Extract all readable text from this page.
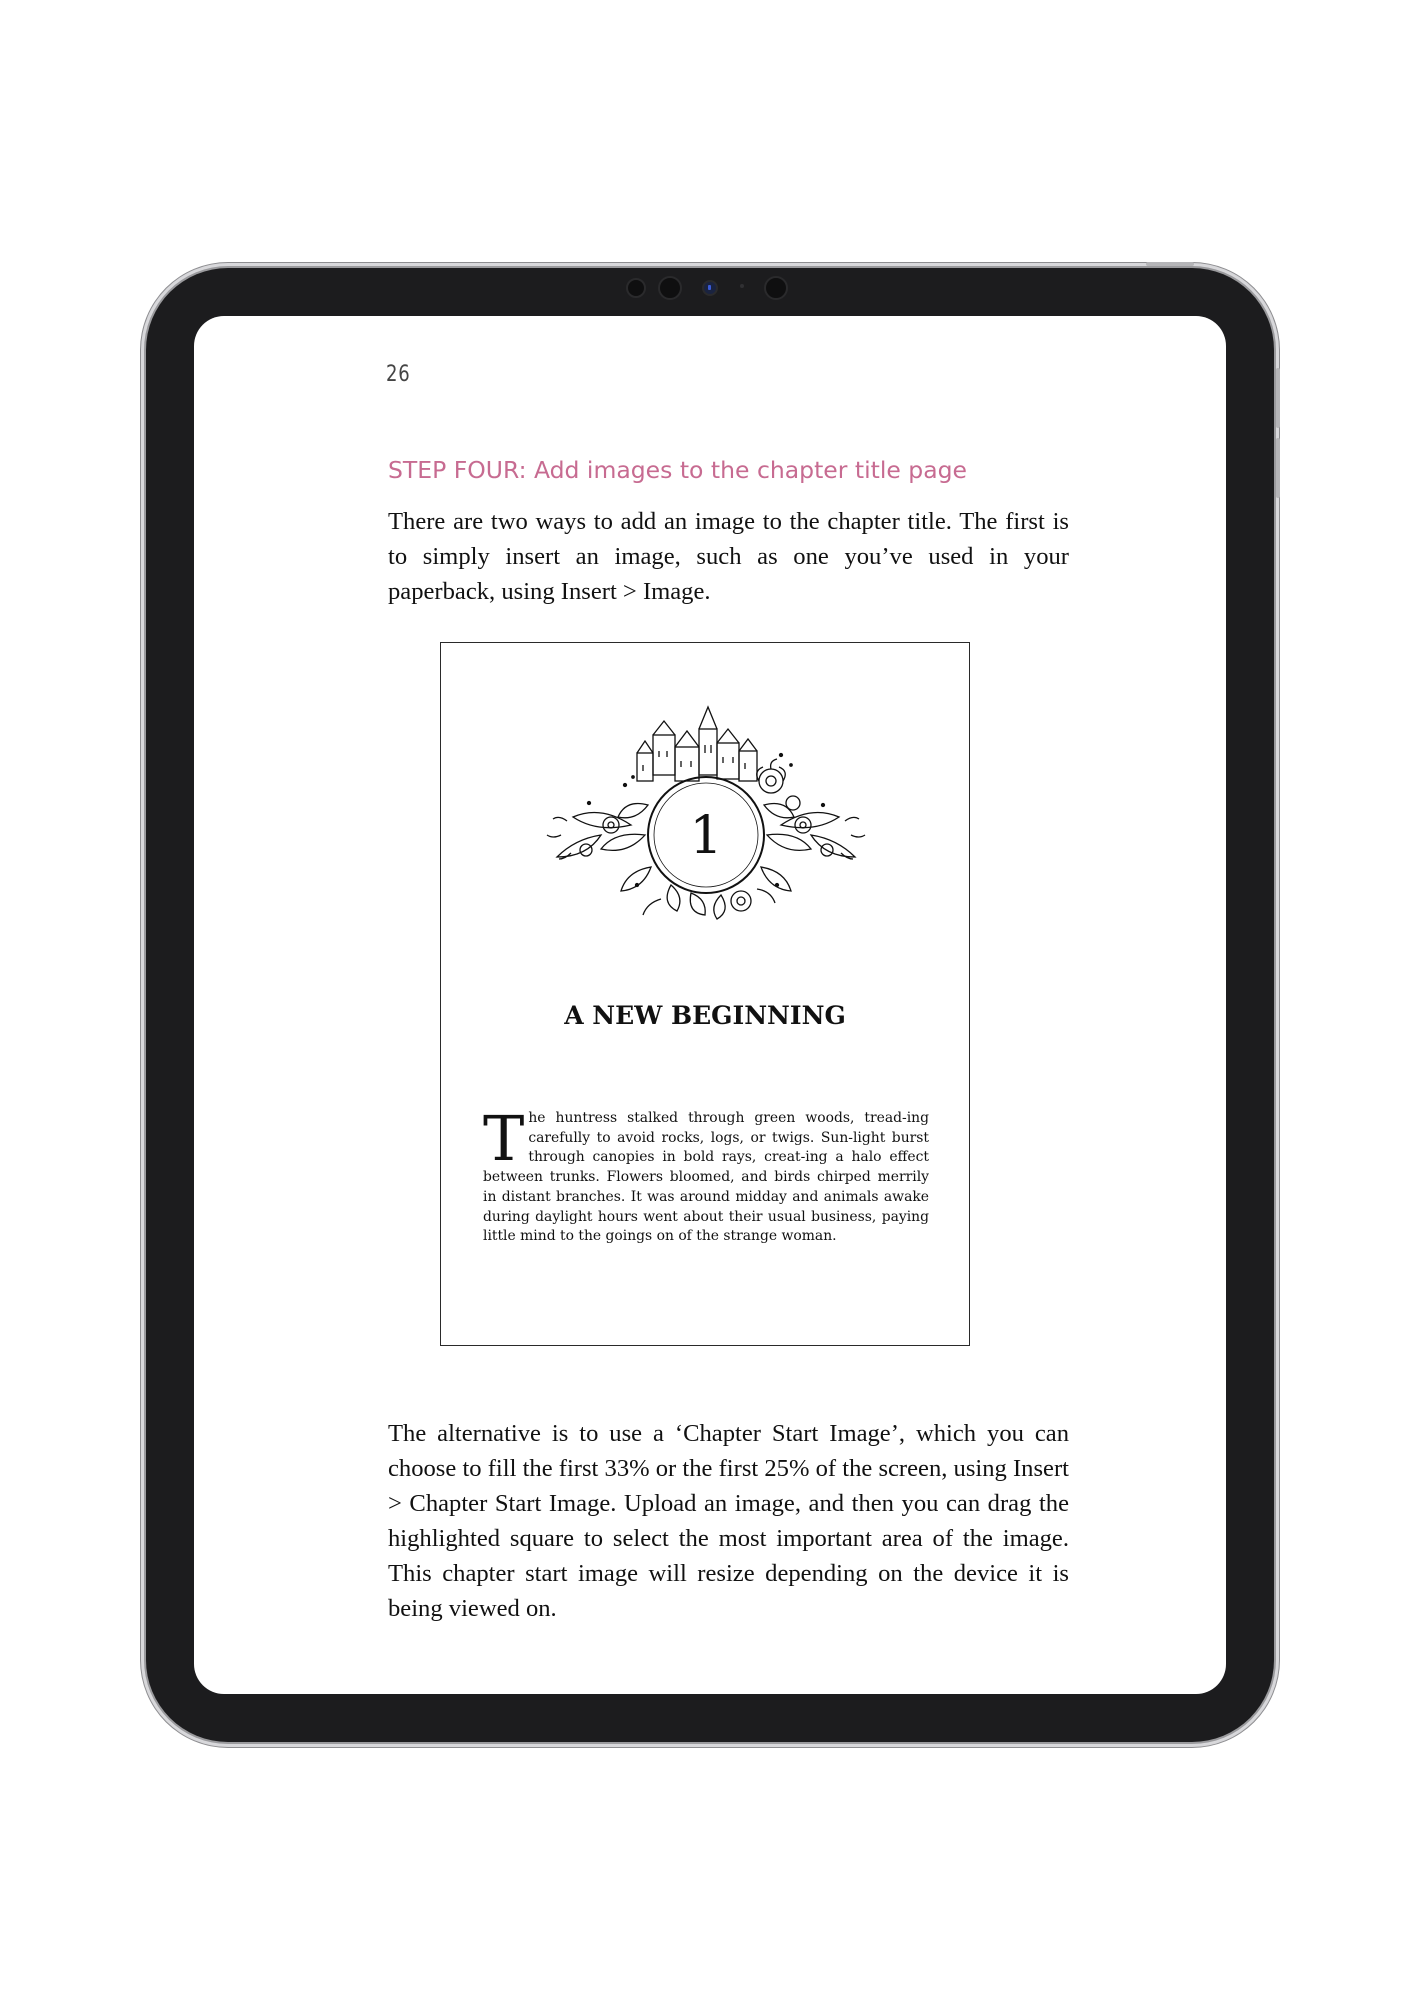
26
STEP FOUR: Add images to the chapter title page

There are two ways to add an image to the chapter title. The first is to simply insert an image, such as one you’ve used in your paperback, using Insert > Image.

1
A NEW BEGINNING

The huntress stalked through green woods, tread-ing carefully to avoid rocks, logs, or twigs. Sun-light burst through canopies in bold rays, creat-ing a halo effect between trunks. Flowers bloomed, and birds chirped merrily in distant branches. It was around midday and animals awake during daylight hours went about their usual business, paying little mind to the goings on of the strange woman.

The alternative is to use a ‘Chapter Start Image’, which you can choose to fill the first 33% or the first 25% of the screen, using Insert > Chapter Start Image. Upload an image, and then you can drag the highlighted square to select the most important area of the image. This chapter start image will resize depending on the device it is being viewed on.
